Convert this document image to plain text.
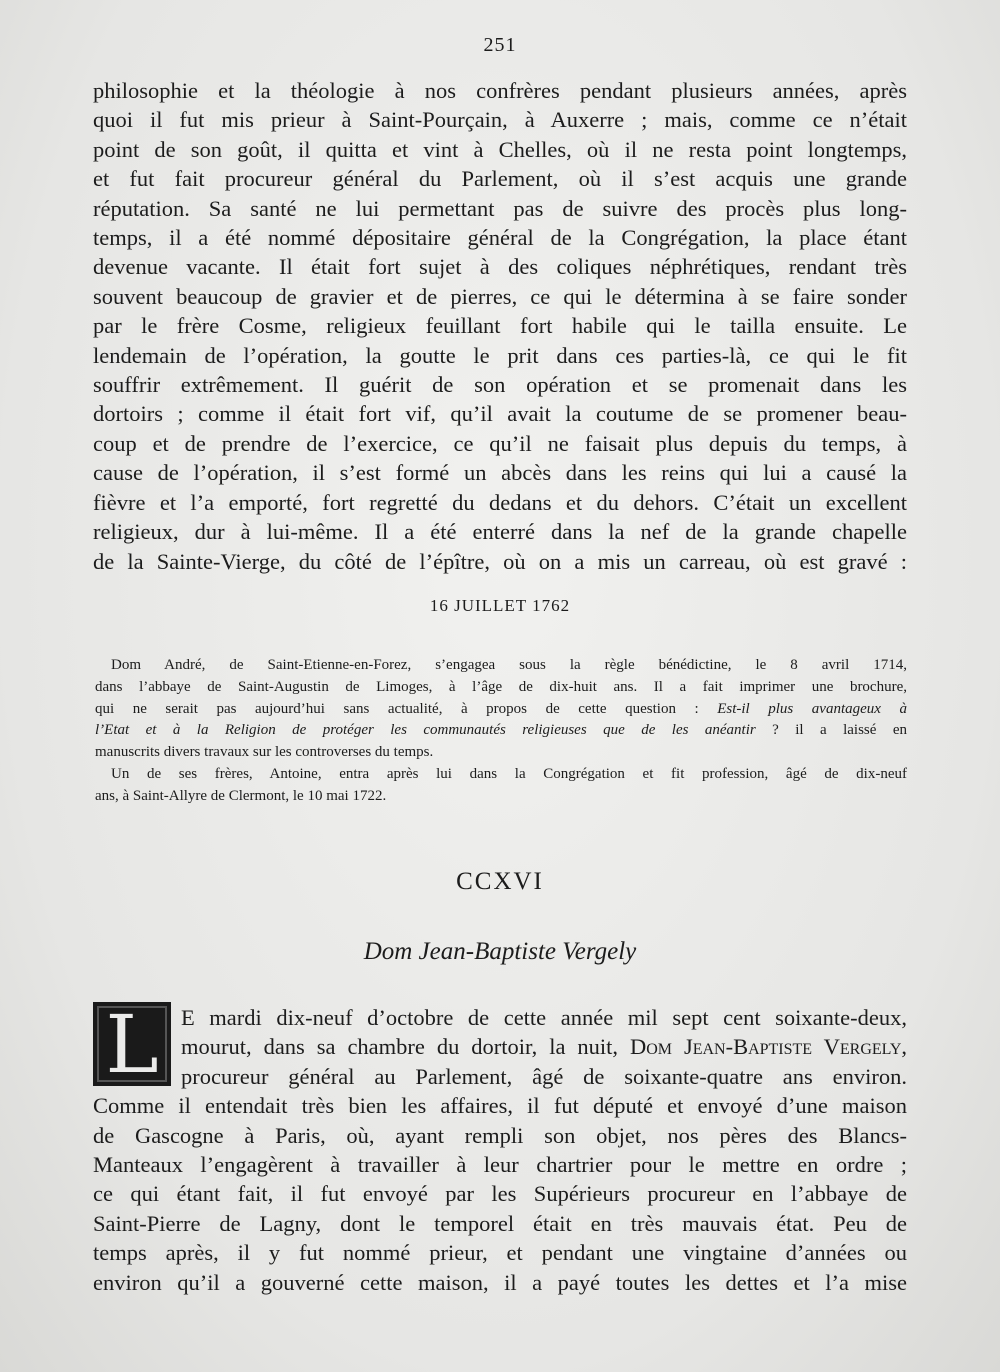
251
philosophie et la théologie à nos confrères pendant plusieurs années, après
quoi il fut mis prieur à Saint-Pourçain, à Auxerre ; mais, comme ce n’était
point de son goût, il quitta et vint à Chelles, où il ne resta point longtemps,
et fut fait procureur général du Parlement, où il s’est acquis une grande
réputation. Sa santé ne lui permettant pas de suivre des procès plus long-
temps, il a été nommé dépositaire général de la Congrégation, la place étant
devenue vacante. Il était fort sujet à des coliques néphrétiques, rendant très
souvent beaucoup de gravier et de pierres, ce qui le détermina à se faire sonder
par le frère Cosme, religieux feuillant fort habile qui le tailla ensuite. Le
lendemain de l’opération, la goutte le prit dans ces parties-là, ce qui le fit
souffrir extrêmement. Il guérit de son opération et se promenait dans les
dortoirs ; comme il était fort vif, qu’il avait la coutume de se promener beau-
coup et de prendre de l’exercice, ce qu’il ne faisait plus depuis du temps, à
cause de l’opération, il s’est formé un abcès dans les reins qui lui a causé la
fièvre et l’a emporté, fort regretté du dedans et du dehors. C’était un excellent
religieux, dur à lui-même. Il a été enterré dans la nef de la grande chapelle
de la Sainte-Vierge, du côté de l’épître, où on a mis un carreau, où est gravé :
16 JUILLET 1762
Dom André, de Saint-Etienne-en-Forez, s’engagea sous la règle bénédictine, le 8 avril 1714,
dans l’abbaye de Saint-Augustin de Limoges, à l’âge de dix-huit ans. Il a fait imprimer une brochure,
qui ne serait pas aujourd’hui sans actualité, à propos de cette question : Est-il plus avantageux à
l’Etat et à la Religion de protéger les communautés religieuses que de les anéantir ? il a laissé en
manuscrits divers travaux sur les controverses du temps.
Un de ses frères, Antoine, entra après lui dans la Congrégation et fit profession, âgé de dix-neuf
ans, à Saint-Allyre de Clermont, le 10 mai 1722.
CCXVI
Dom Jean-Baptiste Vergely
L E mardi dix-neuf d’octobre de cette année mil sept cent soixante-deux,
mourut, dans sa chambre du dortoir, la nuit, Dom Jean-Baptiste Vergely,
procureur général au Parlement, âgé de soixante-quatre ans environ.
Comme il entendait très bien les affaires, il fut député et envoyé d’une maison
de Gascogne à Paris, où, ayant rempli son objet, nos pères des Blancs-
Manteaux l’engagèrent à travailler à leur chartrier pour le mettre en ordre ;
ce qui étant fait, il fut envoyé par les Supérieurs procureur en l’abbaye de
Saint-Pierre de Lagny, dont le temporel était en très mauvais état. Peu de
temps après, il y fut nommé prieur, et pendant une vingtaine d’années ou
environ qu’il a gouverné cette maison, il a payé toutes les dettes et l’a mise
